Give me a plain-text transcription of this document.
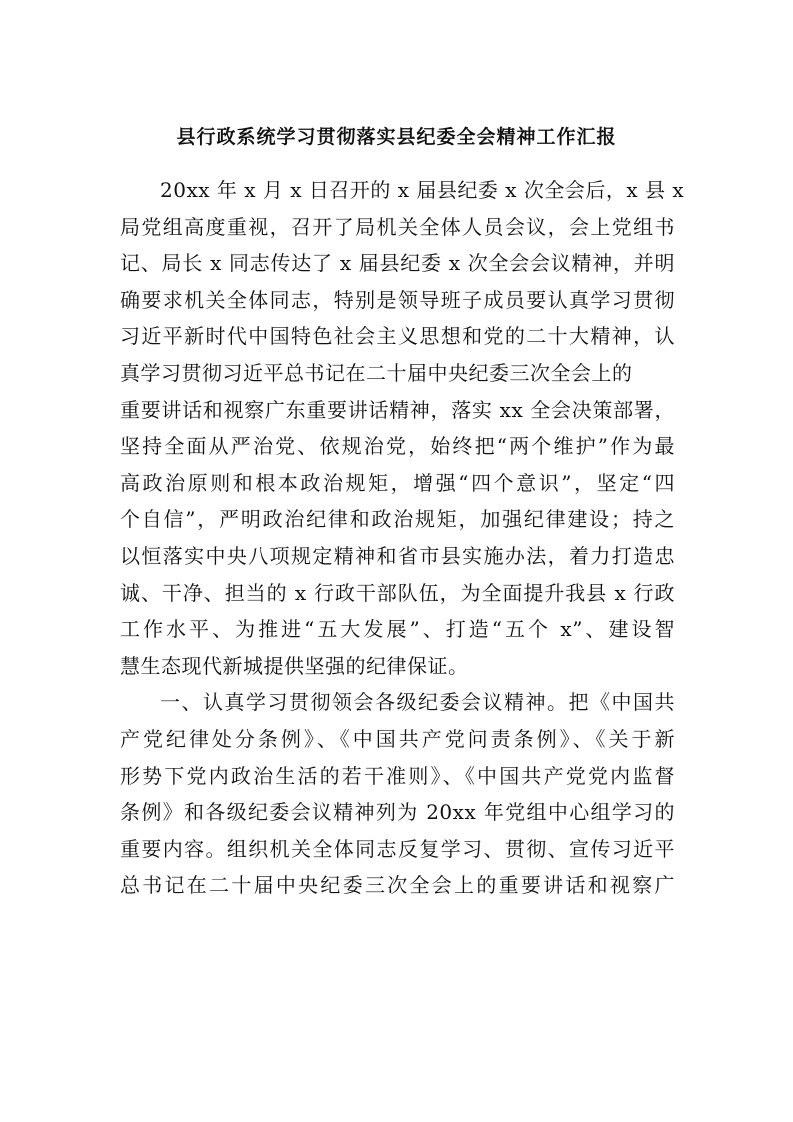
县行政系统学习贯彻落实县纪委全会精神工作汇报
20xx 年 x 月 x 日召开的 x 届县纪委 x 次全会后，x 县 x
局党组高度重视，召开了局机关全体人员会议，会上党组书
记、局长 x 同志传达了 x 届县纪委 x 次全会会议精神，并明
确要求机关全体同志，特别是领导班子成员要认真学习贯彻
习近平新时代中国特色社会主义思想和党的二十大精神，认
真学习贯彻习近平总书记在二十届中央纪委三次全会上的
重要讲话和视察广东重要讲话精神，落实 xx 全会决策部署，
坚持全面从严治党、依规治党，始终把“两个维护”作为最
高政治原则和根本政治规矩，增强“四个意识”，坚定“四
个自信”，严明政治纪律和政治规矩，加强纪律建设；持之
以恒落实中央八项规定精神和省市县实施办法，着力打造忠
诚、干净、担当的 x 行政干部队伍，为全面提升我县 x 行政
工作水平、为推进“五大发展”、打造“五个 x”、建设智
慧生态现代新城提供坚强的纪律保证。
一、认真学习贯彻领会各级纪委会议精神。把《中国共
产党纪律处分条例》、《中国共产党问责条例》、《关于新
形势下党内政治生活的若干准则》、《中国共产党党内监督
条例》和各级纪委会议精神列为 20xx 年党组中心组学习的
重要内容。组织机关全体同志反复学习、贯彻、宣传习近平
总书记在二十届中央纪委三次全会上的重要讲话和视察广
